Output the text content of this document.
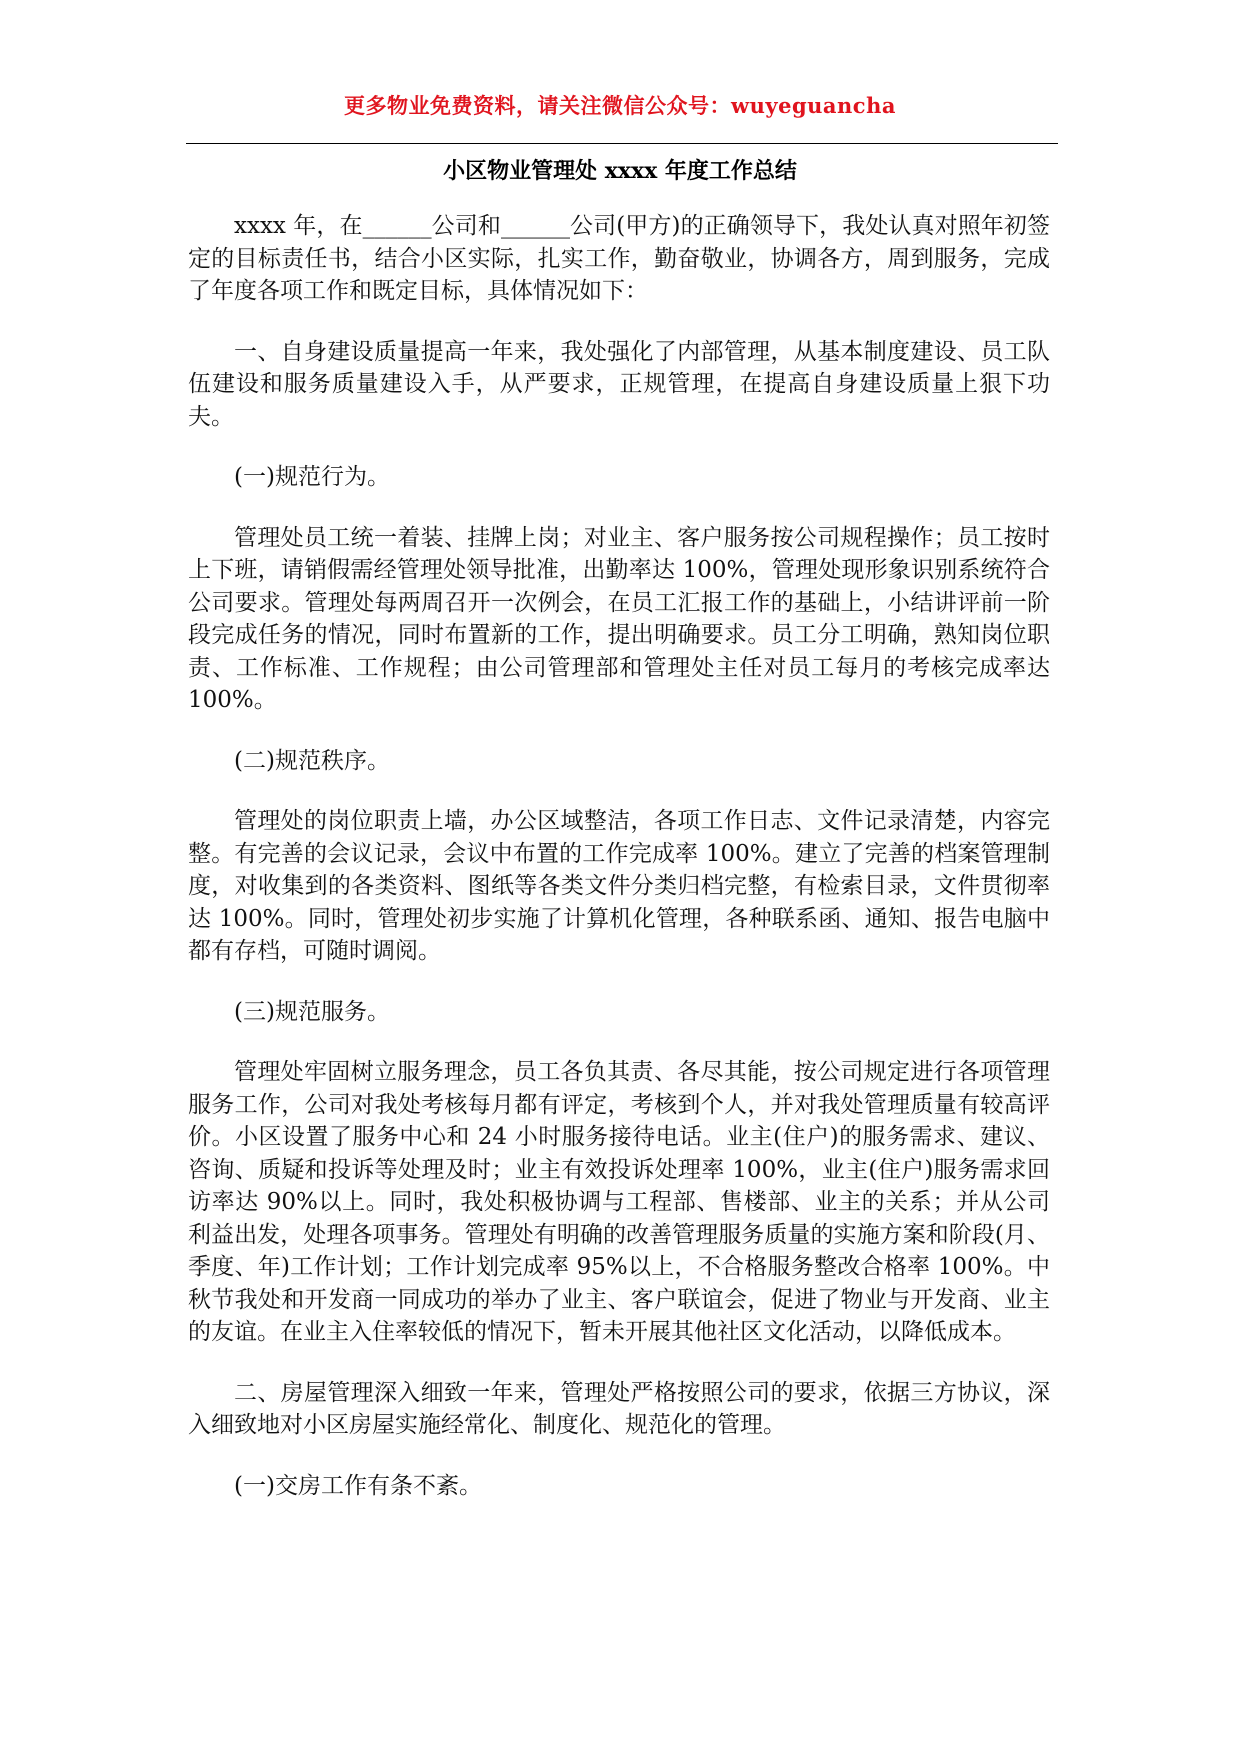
更多物业免费资料，请关注微信公众号：wuyeguancha
小区物业管理处 xxxx 年度工作总结

xxxx 年，在______公司和______公司(甲方)的正确领导下，我处认真对照年初签定的目标责任书，结合小区实际，扎实工作，勤奋敬业，协调各方，周到服务，完成了年度各项工作和既定目标，具体情况如下：

一、自身建设质量提高一年来，我处强化了内部管理，从基本制度建设、员工队伍建设和服务质量建设入手，从严要求，正规管理，在提高自身建设质量上狠下功夫。

(一)规范行为。

管理处员工统一着装、挂牌上岗；对业主、客户服务按公司规程操作；员工按时上下班，请销假需经管理处领导批准，出勤率达 100%，管理处现形象识别系统符合公司要求。管理处每两周召开一次例会，在员工汇报工作的基础上，小结讲评前一阶段完成任务的情况，同时布置新的工作，提出明确要求。员工分工明确，熟知岗位职责、工作标准、工作规程；由公司管理部和管理处主任对员工每月的考核完成率达 100%。

(二)规范秩序。

管理处的岗位职责上墙，办公区域整洁，各项工作日志、文件记录清楚，内容完整。有完善的会议记录，会议中布置的工作完成率 100%。建立了完善的档案管理制度，对收集到的各类资料、图纸等各类文件分类归档完整，有检索目录，文件贯彻率达 100%。同时，管理处初步实施了计算机化管理，各种联系函、通知、报告电脑中都有存档，可随时调阅。

(三)规范服务。

管理处牢固树立服务理念，员工各负其责、各尽其能，按公司规定进行各项管理服务工作，公司对我处考核每月都有评定，考核到个人，并对我处管理质量有较高评价。小区设置了服务中心和 24 小时服务接待电话。业主(住户)的服务需求、建议、咨询、质疑和投诉等处理及时；业主有效投诉处理率 100%，业主(住户)服务需求回访率达 90%以上。同时，我处积极协调与工程部、售楼部、业主的关系；并从公司利益出发，处理各项事务。管理处有明确的改善管理服务质量的实施方案和阶段(月、季度、年)工作计划；工作计划完成率 95%以上，不合格服务整改合格率 100%。中秋节我处和开发商一同成功的举办了业主、客户联谊会，促进了物业与开发商、业主的友谊。在业主入住率较低的情况下，暂未开展其他社区文化活动，以降低成本。

二、房屋管理深入细致一年来，管理处严格按照公司的要求，依据三方协议，深入细致地对小区房屋实施经常化、制度化、规范化的管理。

(一)交房工作有条不紊。
